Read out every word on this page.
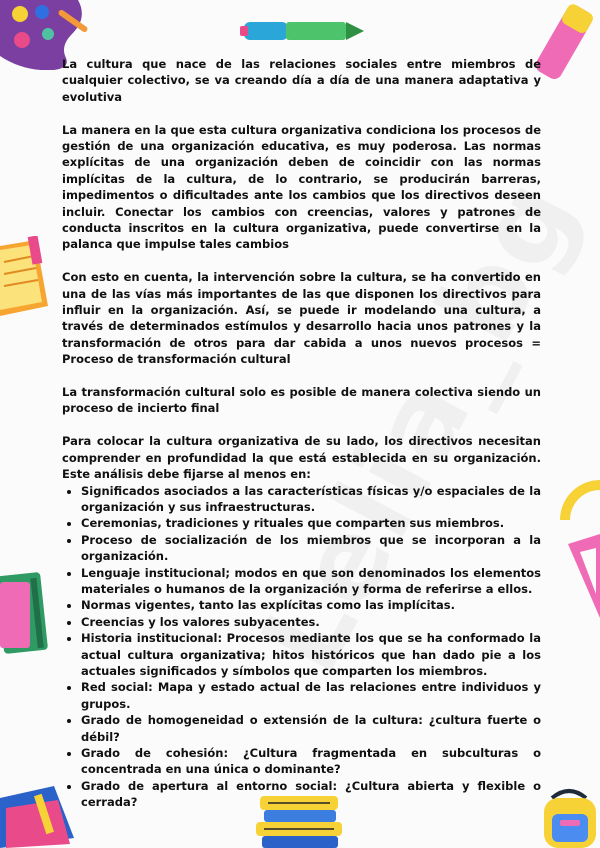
La cultura que nace de las relaciones sociales entre miembros de cualquier colectivo, se va creando día a día de una manera adaptativa y evolutiva

La manera en la que esta cultura organizativa condiciona los procesos de gestión de una organización educativa, es muy poderosa. Las normas explícitas de una organización deben de coincidir con las normas implícitas de la cultura, de lo contrario, se producirán barreras, impedimentos o dificultades ante los cambios que los directivos deseen incluir. Conectar los cambios con creencias, valores y patrones de conducta inscritos en la cultura organizativa, puede convertirse en la palanca que impulse tales cambios

Con esto en cuenta, la intervención sobre la cultura, se ha convertido en una de las vías más importantes de las que disponen los directivos para influir en la organización. Así, se puede ir modelando una cultura, a través de determinados estímulos y desarrollo hacia unos patrones y la transformación de otros para dar cabida a unos nuevos procesos = Proceso de transformación cultural

La transformación cultural solo es posible de manera colectiva siendo un proceso de incierto final

Para colocar la cultura organizativa de su lado, los directivos necesitan comprender en profundidad la que está establecida en su organización. Este análisis debe fijarse al menos en:

• Significados asociados a las características físicas y/o espaciales de la organización y sus infraestructuras.
• Ceremonias, tradiciones y rituales que comparten sus miembros.
• Proceso de socialización de los miembros que se incorporan a la organización.
• Lenguaje institucional; modos en que son denominados los elementos materiales o humanos de la organización y forma de referirse a ellos.
• Normas vigentes, tanto las explícitas como las implícitas.
• Creencias y los valores subyacentes.
• Historia institucional: Procesos mediante los que se ha conformado la actual cultura organizativa; hitos históricos que han dado pie a los actuales significados y símbolos que comparten los miembros.
• Red social: Mapa y estado actual de las relaciones entre individuos y grupos.
• Grado de homogeneidad o extensión de la cultura: ¿cultura fuerte o débil?
• Grado de cohesión: ¿Cultura fragmentada en subculturas o concentrada en una única o dominante?
• Grado de apertura al entorno social: ¿Cultura abierta y flexible o cerrada?
